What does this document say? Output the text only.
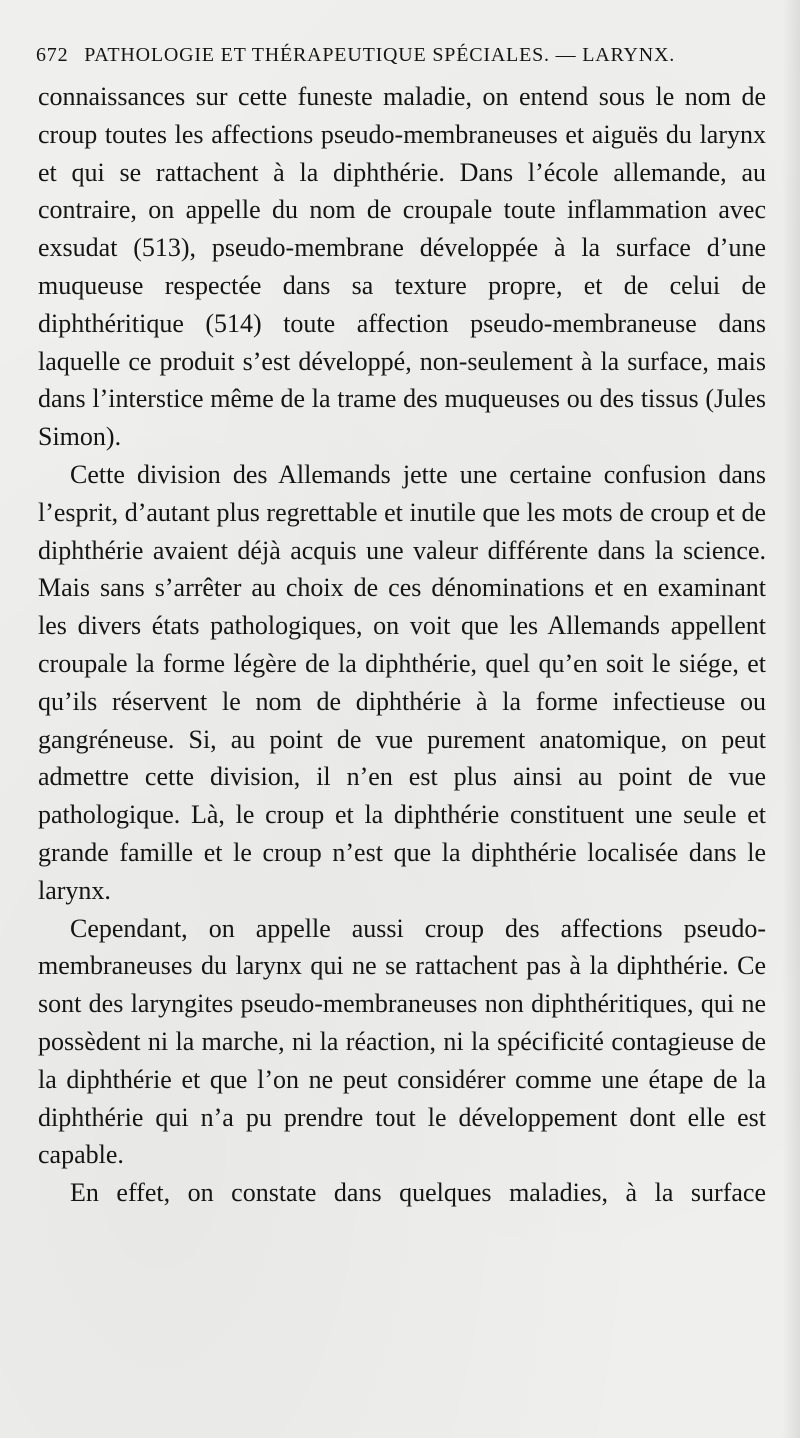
672 PATHOLOGIE ET THÉRAPEUTIQUE SPÉCIALES. — LARYNX.

connaissances sur cette funeste maladie, on entend sous le nom de croup toutes les affections pseudo-membraneuses et aiguës du larynx et qui se rattachent à la diphthérie. Dans l’école allemande, au contraire, on appelle du nom de croupale toute inflammation avec exsudat (513), pseudo-membrane développée à la surface d’une muqueuse respectée dans sa texture propre, et de celui de diphthéritique (514) toute affection pseudo-membraneuse dans laquelle ce produit s’est développé, non-seulement à la surface, mais dans l’interstice même de la trame des muqueuses ou des tissus (Jules Simon).

Cette division des Allemands jette une certaine confusion dans l’esprit, d’autant plus regrettable et inutile que les mots de croup et de diphthérie avaient déjà acquis une valeur différente dans la science. Mais sans s’arrêter au choix de ces dénominations et en examinant les divers états pathologiques, on voit que les Allemands appellent croupale la forme légère de la diphthérie, quel qu’en soit le siége, et qu’ils réservent le nom de diphthérie à la forme infectieuse ou gangréneuse. Si, au point de vue purement anatomique, on peut admettre cette division, il n’en est plus ainsi au point de vue pathologique. Là, le croup et la diphthérie constituent une seule et grande famille et le croup n’est que la diphthérie localisée dans le larynx.

Cependant, on appelle aussi croup des affections pseudo-membraneuses du larynx qui ne se rattachent pas à la diphthérie. Ce sont des laryngites pseudo-membraneuses non diphthéritiques, qui ne possèdent ni la marche, ni la réaction, ni la spécificité contagieuse de la diphthérie et que l’on ne peut considérer comme une étape de la diphthérie qui n’a pu prendre tout le développement dont elle est capable.

En effet, on constate dans quelques maladies, à la surface
